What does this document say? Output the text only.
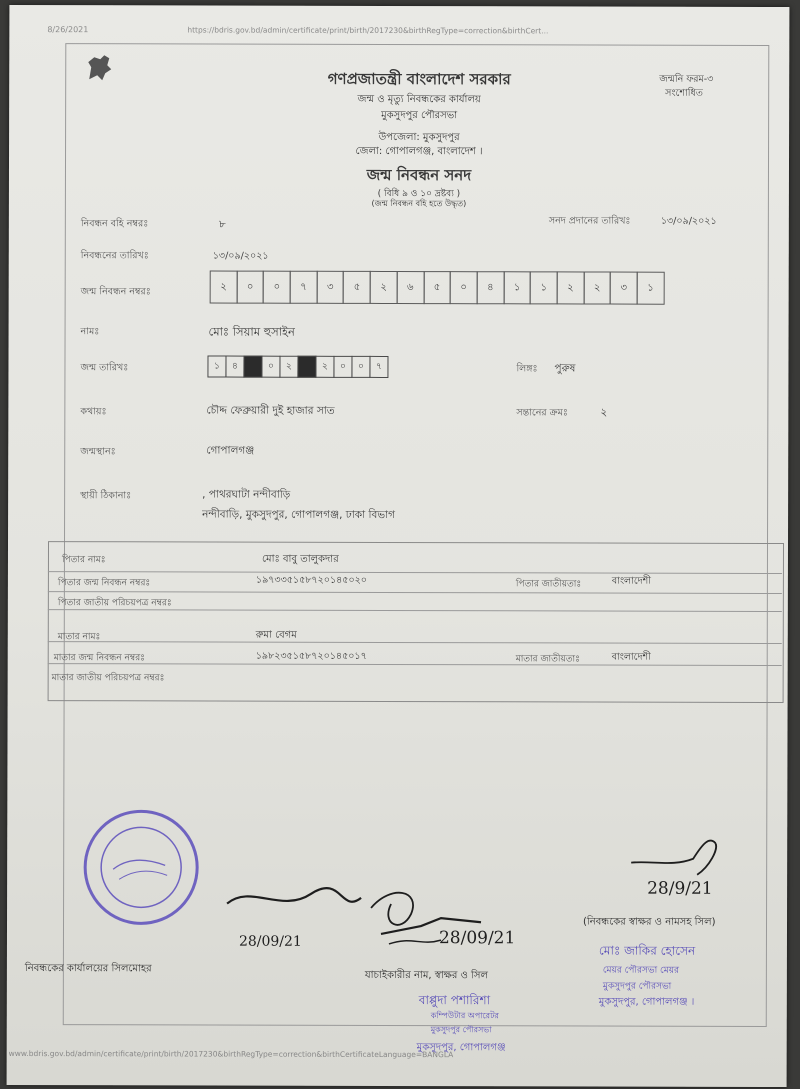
8/26/2021	https://bdris.gov.bd/admin/certificate/print/birth/2017230&birthRegType=correction&birthCert...
গণপ্রজাতন্ত্রী বাংলাদেশ সরকার
জন্ম ও মৃত্যু নিবন্ধকের কার্যালয়
মুকসুদপুর পৌরসভা
উপজেলা: মুকসুদপুর
জেলা: গোপালগঞ্জ, বাংলাদেশ ।
জন্ম নিবন্ধন সনদ
( বিধি ৯ ও ১০ দ্রষ্টব্য )
(জন্ম নিবন্ধন বহি হতে উদ্ধৃত)
জন্মনি ফরম-৩
সংশোধিত
নিবন্ধন বহি নম্বরঃ	৮	সনদ প্রদানের তারিখঃ	১৩/০৯/২০২১
নিবন্ধনের তারিখঃ	১৩/০৯/২০২১
জন্ম নিবন্ধন নম্বরঃ	২	০	০	৭	৩	৫	২	৬	৫	০	৪	১	১	২	২	৩	১
নামঃ	মোঃ সিয়াম হুসাইন
জন্ম তারিখঃ	১	৪	০	২	২	০	০	৭	লিঙ্গঃ পুরুষ
কথায়ঃ	চৌদ্দ ফেব্রুয়ারী দুই হাজার সাত	সন্তানের ক্রমঃ	২
জন্মস্থানঃ	গোপালগঞ্জ
স্থায়ী ঠিকানাঃ	, পাথরঘাটা নন্দীবাড়ি
নন্দীবাড়ি, মুকসুদপুর, গোপালগঞ্জ, ঢাকা বিভাগ
পিতার নামঃ	মোঃ বাবু তালুকদার
পিতার জন্ম নিবন্ধন নম্বরঃ	১৯৭৩৩৫১৫৮৭২০১৪৫০২০	পিতার জাতীয়তাঃ	বাংলাদেশী
পিতার জাতীয় পরিচয়পত্র নম্বরঃ
মাতার নামঃ	রুমা বেগম
মাতার জন্ম নিবন্ধন নম্বরঃ	১৯৮২৩৫১৫৮৭২০১৪৫০১৭	মাতার জাতীয়তাঃ	বাংলাদেশী
মাতার জাতীয় পরিচয়পত্র নম্বরঃ
28/09/21	28/09/21
28/9/21
নিবন্ধকের কার্যালয়ের সিলমোহর
যাচাইকারীর নাম, স্বাক্ষর ও সিল
(নিবন্ধকের স্বাক্ষর ও নামসহ সিল)
বাপ্পুদা পশারিশা
কম্পিউটার অপারেটর
মুকসুদপুর পৌরসভা
মুকসুদপুর, গোপালগঞ্জ
মোঃ জাকির হোসেন
মেয়র পৌরসভা মেয়র
মুকসুদপুর পৌরসভা
মুকসুদপুর, গোপালগঞ্জ ।
www.bdris.gov.bd/admin/certificate/print/birth/2017230&birthRegType=correction&birthCertificateLanguage=BANGLA
